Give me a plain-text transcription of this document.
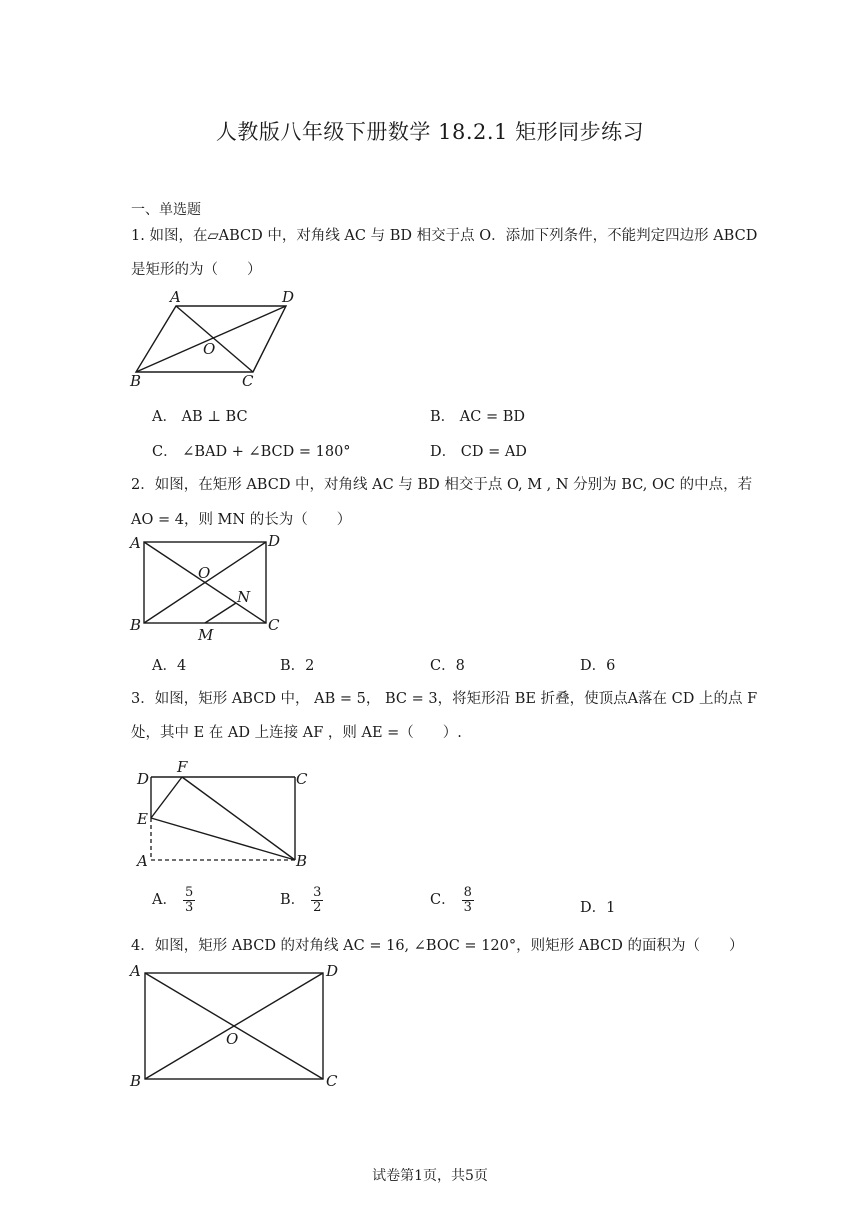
人教版八年级下册数学 18.2.1 矩形同步练习
一、单选题
1. 如图，在▱ABCD 中，对角线 AC 与 BD 相交于点 O．添加下列条件，不能判定四边形 ABCD
是矩形的为（　　）
A	D
B	C
O
A． AB ⊥ BC	B． AC = BD
C． ∠BAD + ∠BCD = 180°	D． CD = AD
2．如图，在矩形 ABCD 中，对角线 AC 与 BD 相交于点 O, M , N 分别为 BC, OC 的中点，若
AO = 4，则 MN 的长为（　　）
A	D
B	C
O
M
N
A．4	B．2	C．8	D．6
3．如图，矩形 ABCD 中， AB = 5， BC = 3，将矩形沿 BE 折叠，使顶点A落在 CD 上的点 F
处，其中 E 在 AD 上连接 AF ，则 AE =（　　）.
D
F
C
E
A	B
A． $\frac{5}{3}$	B． $\frac{3}{2}$	C． $\frac{8}{3}$	D．1
4．如图，矩形 ABCD 的对角线 AC = 16, ∠BOC = 120°，则矩形 ABCD 的面积为（　　）
A	D
B	C
O
试卷第1页，共5页
